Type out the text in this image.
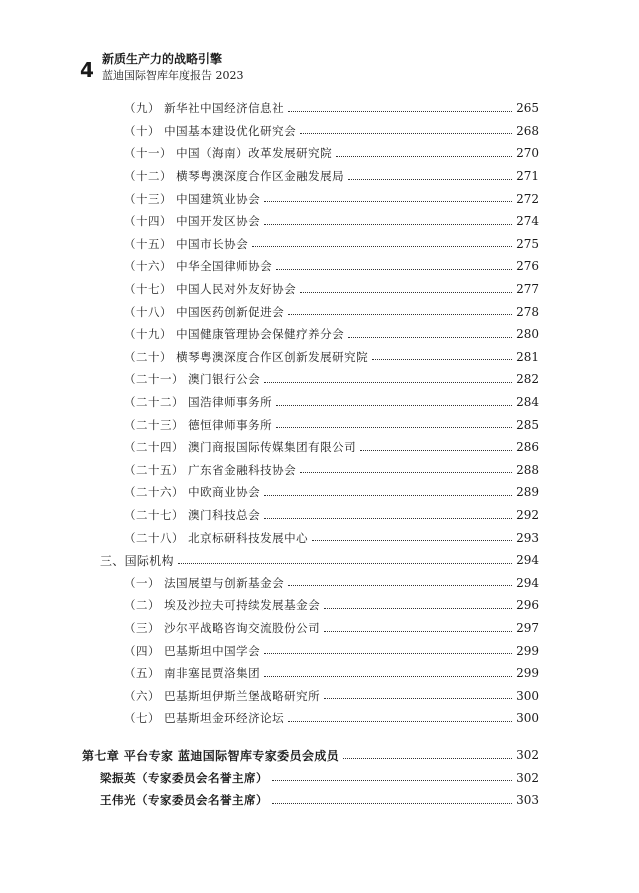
4 新质生产力的战略引擎
蓝迪国际智库年度报告 2023
（九） 新华社中国经济信息社	265
（十） 中国基本建设优化研究会	268
（十一） 中国（海南）改革发展研究院	270
（十二） 横琴粤澳深度合作区金融发展局	271
（十三） 中国建筑业协会	272
（十四） 中国开发区协会	274
（十五） 中国市长协会	275
（十六） 中华全国律师协会	276
（十七） 中国人民对外友好协会	277
（十八） 中国医药创新促进会	278
（十九） 中国健康管理协会保健疗养分会	280
（二十） 横琴粤澳深度合作区创新发展研究院	281
（二十一） 澳门银行公会	282
（二十二） 国浩律师事务所	284
（二十三） 德恒律师事务所	285
（二十四） 澳门商报国际传媒集团有限公司	286
（二十五） 广东省金融科技协会	288
（二十六） 中欧商业协会	289
（二十七） 澳门科技总会	292
（二十八） 北京标研科技发展中心	293
三、国际机构	294
（一） 法国展望与创新基金会	294
（二） 埃及沙拉夫可持续发展基金会	296
（三） 沙尔平战略咨询交流股份公司	297
（四） 巴基斯坦中国学会	299
（五） 南非塞昆贾洛集团	299
（六） 巴基斯坦伊斯兰堡战略研究所	300
（七） 巴基斯坦金环经济论坛	300
第七章 平台专家 蓝迪国际智库专家委员会成员	302
梁振英（专家委员会名誉主席）	302
王伟光（专家委员会名誉主席）	303
